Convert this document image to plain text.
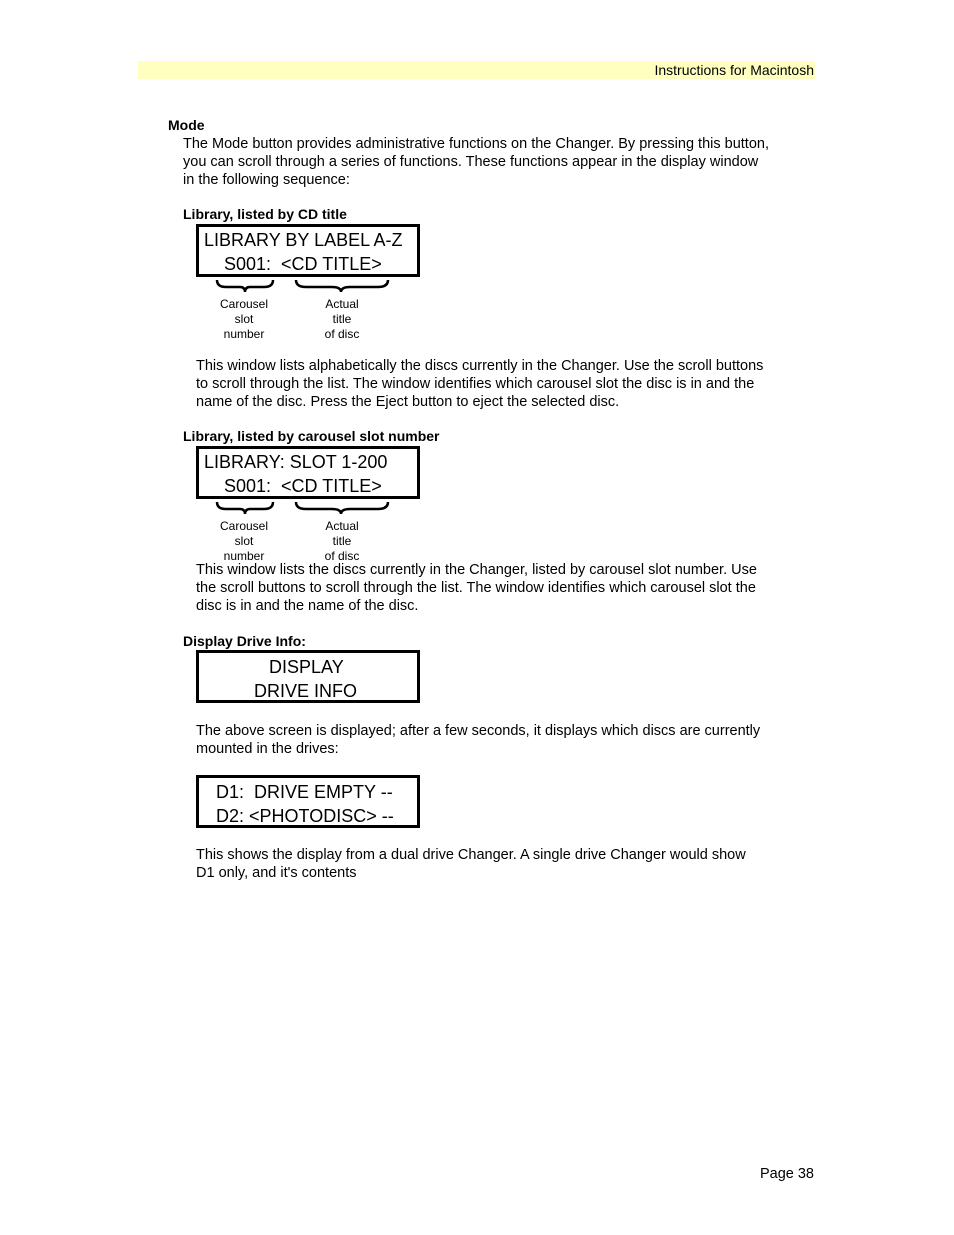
Instructions for Macintosh
Mode
The Mode button provides administrative functions on the Changer. By pressing this button,
you can scroll through a series of functions. These functions appear in the display window
in the following sequence:
Library, listed by CD title
LIBRARY BY LABEL A-Z
S001:  <CD TITLE>
Carousel
slot
number
Actual
title
of disc
This window lists alphabetically the discs currently in the Changer. Use the scroll buttons
to scroll through the list. The window identifies which carousel slot the disc is in and the
name of the disc. Press the Eject button to eject the selected disc.
Library, listed by carousel slot number
LIBRARY: SLOT 1-200
S001:  <CD TITLE>
Carousel
slot
number
Actual
title
of disc
This window lists the discs currently in the Changer, listed by carousel slot number. Use
the scroll buttons to scroll through the list. The window identifies which carousel slot the
disc is in and the name of the disc.
Display Drive Info:
DISPLAY
DRIVE INFO
The above screen is displayed; after a few seconds, it displays which discs are currently
mounted in the drives:
D1:  DRIVE EMPTY --
D2: <PHOTODISC> --
This shows the display from a dual drive Changer. A single drive Changer would show
D1 only, and it's contents
Page 38
